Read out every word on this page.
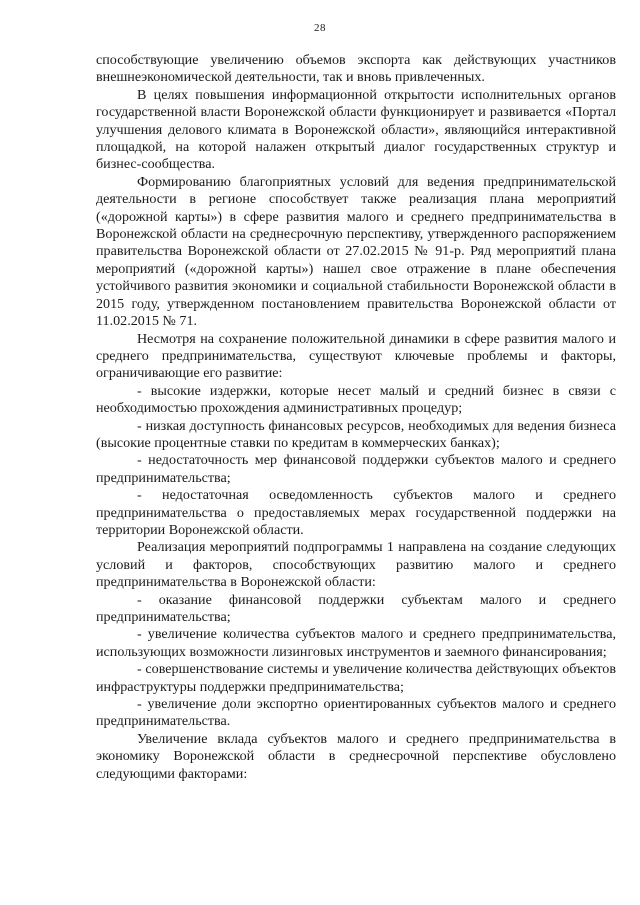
28

способствующие увеличению объемов экспорта как действующих участников внешнеэкономической деятельности, так и вновь привлеченных.

В целях повышения информационной открытости исполнительных органов государственной власти Воронежской области функционирует и развивается «Портал улучшения делового климата в Воронежской области», являющийся интерактивной площадкой, на которой налажен открытый диалог государственных структур и бизнес-сообщества.

Формированию благоприятных условий для ведения предпринимательской деятельности в регионе способствует также реализация плана мероприятий («дорожной карты») в сфере развития малого и среднего предпринимательства в Воронежской области на среднесрочную перспективу, утвержденного распоряжением правительства Воронежской области от 27.02.2015 № 91-р. Ряд мероприятий плана мероприятий («дорожной карты») нашел свое отражение в плане обеспечения устойчивого развития экономики и социальной стабильности Воронежской области в 2015 году, утвержденном постановлением правительства Воронежской области от 11.02.2015 № 71.

Несмотря на сохранение положительной динамики в сфере развития малого и среднего предпринимательства, существуют ключевые проблемы и факторы, ограничивающие его развитие:

- высокие издержки, которые несет малый и средний бизнес в связи с необходимостью прохождения административных процедур;

- низкая доступность финансовых ресурсов, необходимых для ведения бизнеса (высокие процентные ставки по кредитам в коммерческих банках);

- недостаточность мер финансовой поддержки субъектов малого и среднего предпринимательства;

- недостаточная осведомленность субъектов малого и среднего предпринимательства о предоставляемых мерах государственной поддержки на территории Воронежской области.

Реализация мероприятий подпрограммы 1 направлена на создание следующих условий и факторов, способствующих развитию малого и среднего предпринимательства в Воронежской области:

- оказание финансовой поддержки субъектам малого и среднего предпринимательства;

- увеличение количества субъектов малого и среднего предпринимательства, использующих возможности лизинговых инструментов и заемного финансирования;

- совершенствование системы и увеличение количества действующих объектов инфраструктуры поддержки предпринимательства;

- увеличение доли экспортно ориентированных субъектов малого и среднего предпринимательства.

Увеличение вклада субъектов малого и среднего предпринимательства в экономику Воронежской области в среднесрочной перспективе обусловлено следующими факторами:
